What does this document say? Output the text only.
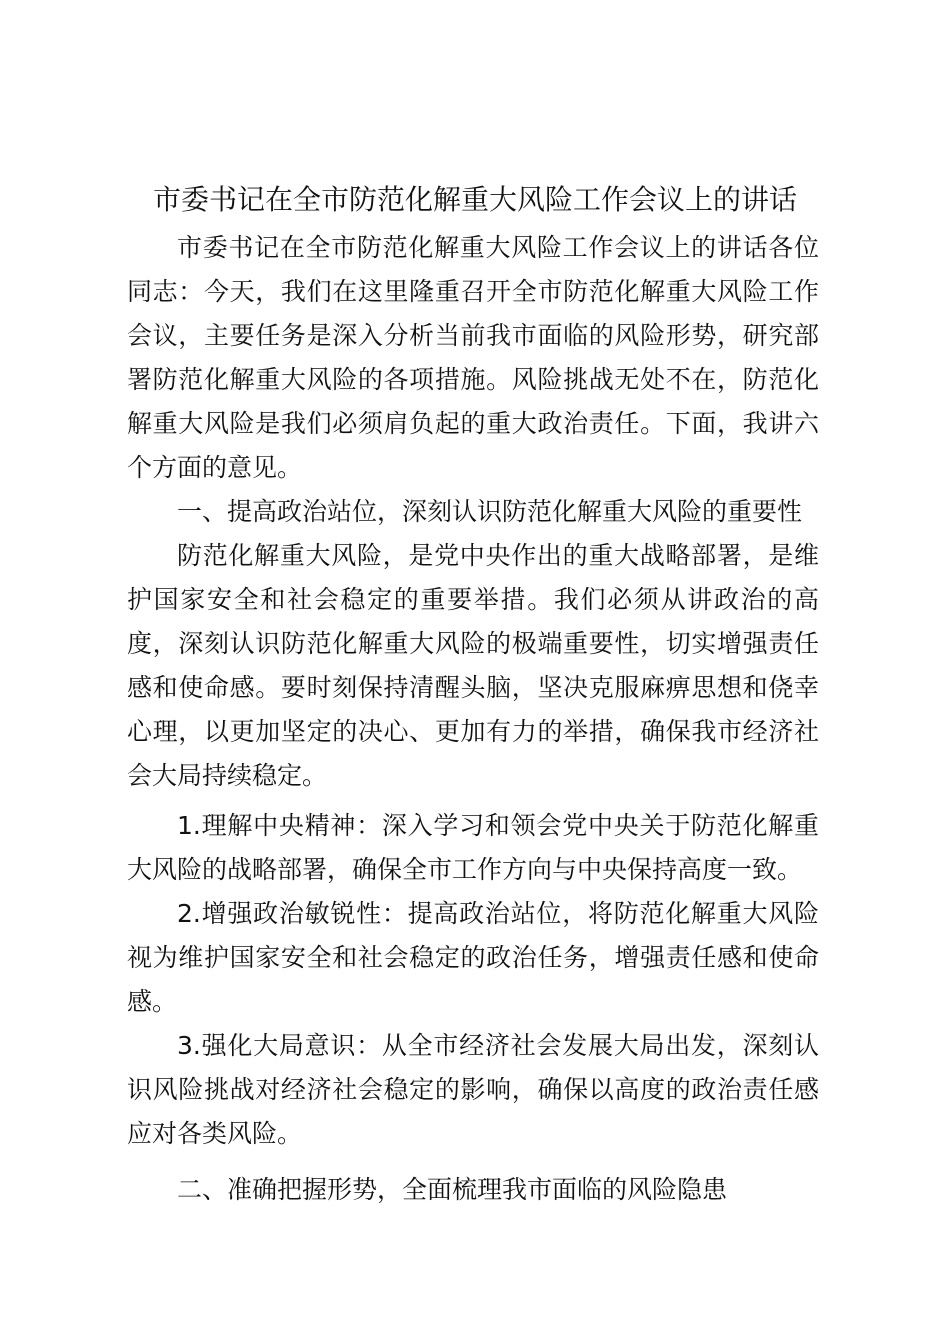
市委书记在全市防范化解重大风险工作会议上的讲话

市委书记在全市防范化解重大风险工作会议上的讲话各位同志：今天，我们在这里隆重召开全市防范化解重大风险工作会议，主要任务是深入分析当前我市面临的风险形势，研究部署防范化解重大风险的各项措施。风险挑战无处不在，防范化解重大风险是我们必须肩负起的重大政治责任。下面，我讲六个方面的意见。

一、提高政治站位，深刻认识防范化解重大风险的重要性

防范化解重大风险，是党中央作出的重大战略部署，是维护国家安全和社会稳定的重要举措。我们必须从讲政治的高度，深刻认识防范化解重大风险的极端重要性，切实增强责任感和使命感。要时刻保持清醒头脑，坚决克服麻痹思想和侥幸心理，以更加坚定的决心、更加有力的举措，确保我市经济社会大局持续稳定。

1.理解中央精神：深入学习和领会党中央关于防范化解重大风险的战略部署，确保全市工作方向与中央保持高度一致。

2.增强政治敏锐性：提高政治站位，将防范化解重大风险视为维护国家安全和社会稳定的政治任务，增强责任感和使命感。

3.强化大局意识：从全市经济社会发展大局出发，深刻认识风险挑战对经济社会稳定的影响，确保以高度的政治责任感应对各类风险。

二、准确把握形势，全面梳理我市面临的风险隐患
